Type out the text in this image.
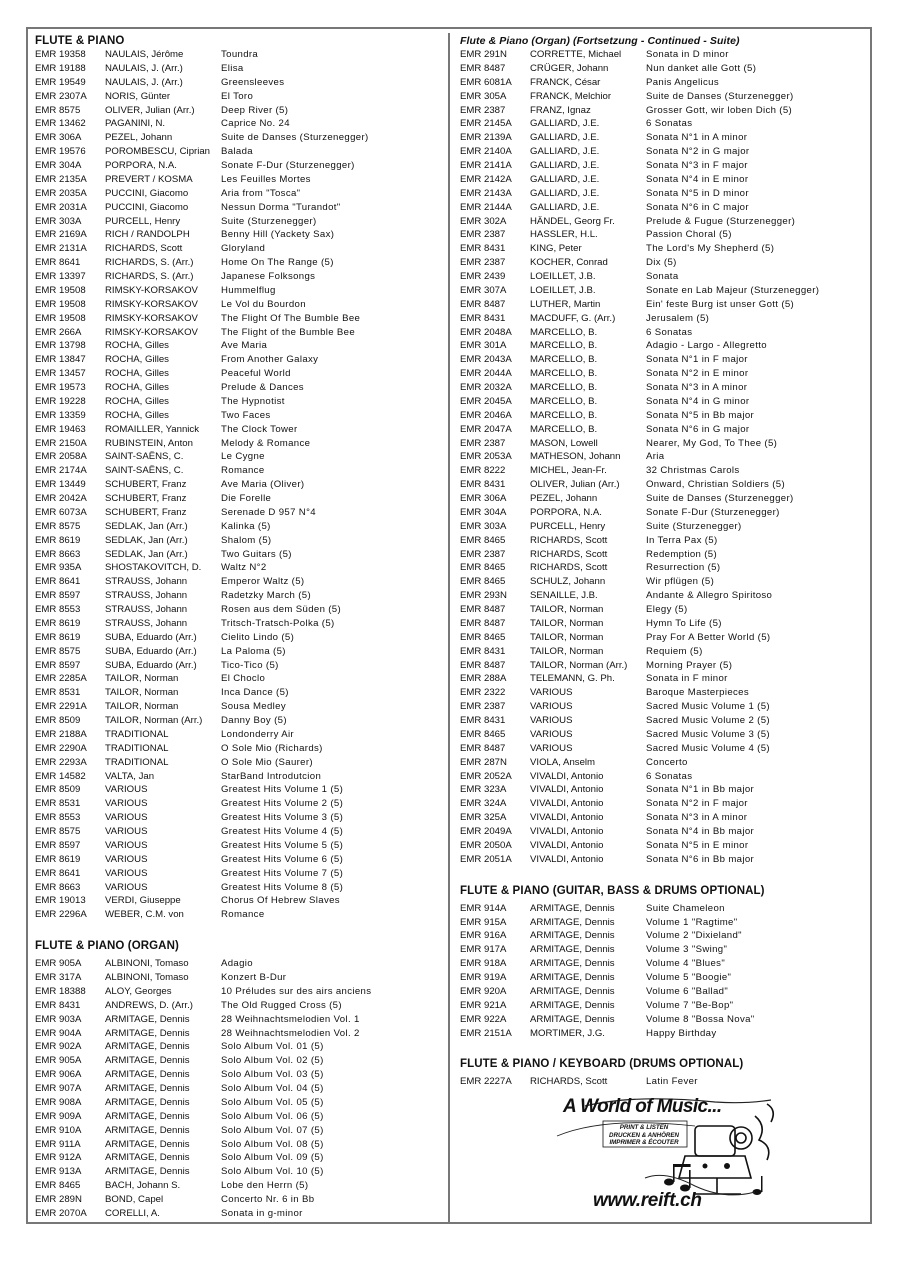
FLUTE & PIANO
EMR 19358	NAULAIS, Jérôme	Toundra
EMR 19188	NAULAIS, J. (Arr.)	Elisa
EMR 19549	NAULAIS, J. (Arr.)	Greensleeves
EMR 2307A	NORIS, Günter	El Toro
EMR 8575	OLIVER, Julian (Arr.)	Deep River (5)
EMR 13462	PAGANINI, N.	Caprice No. 24
EMR 306A	PEZEL, Johann	Suite de Danses (Sturzenegger)
EMR 19576	POROMBESCU, Ciprian	Balada
EMR 304A	PORPORA, N.A.	Sonate F-Dur (Sturzenegger)
EMR 2135A	PREVERT / KOSMA	Les Feuilles Mortes
EMR 2035A	PUCCINI, Giacomo	Aria from "Tosca"
EMR 2031A	PUCCINI, Giacomo	Nessun Dorma "Turandot"
EMR 303A	PURCELL, Henry	Suite (Sturzenegger)
EMR 2169A	RICH / RANDOLPH	Benny Hill (Yackety Sax)
EMR 2131A	RICHARDS, Scott	Gloryland
EMR 8641	RICHARDS, S. (Arr.)	Home On The Range (5)
EMR 13397	RICHARDS, S. (Arr.)	Japanese Folksongs
EMR 19508	RIMSKY-KORSAKOV	Hummelflug
EMR 19508	RIMSKY-KORSAKOV	Le Vol du Bourdon
EMR 19508	RIMSKY-KORSAKOV	The Flight Of The Bumble Bee
EMR 266A	RIMSKY-KORSAKOV	The Flight of the Bumble Bee
EMR 13798	ROCHA, Gilles	Ave Maria
EMR 13847	ROCHA, Gilles	From Another Galaxy
EMR 13457	ROCHA, Gilles	Peaceful World
EMR 19573	ROCHA, Gilles	Prelude & Dances
EMR 19228	ROCHA, Gilles	The Hypnotist
EMR 13359	ROCHA, Gilles	Two Faces
EMR 19463	ROMAILLER, Yannick	The Clock Tower
EMR 2150A	RUBINSTEIN, Anton	Melody & Romance
EMR 2058A	SAINT-SAËNS, C.	Le Cygne
EMR 2174A	SAINT-SAËNS, C.	Romance
EMR 13449	SCHUBERT, Franz	Ave Maria (Oliver)
EMR 2042A	SCHUBERT, Franz	Die Forelle
EMR 6073A	SCHUBERT, Franz	Serenade D 957 N°4
EMR 8575	SEDLAK, Jan (Arr.)	Kalinka (5)
EMR 8619	SEDLAK, Jan (Arr.)	Shalom (5)
EMR 8663	SEDLAK, Jan (Arr.)	Two Guitars (5)
EMR 935A	SHOSTAKOVITCH, D.	Waltz N°2
EMR 8641	STRAUSS, Johann	Emperor Waltz (5)
EMR 8597	STRAUSS, Johann	Radetzky March (5)
EMR 8553	STRAUSS, Johann	Rosen aus dem Süden (5)
EMR 8619	STRAUSS, Johann	Tritsch-Tratsch-Polka (5)
EMR 8619	SUBA, Eduardo (Arr.)	Cielito Lindo (5)
EMR 8575	SUBA, Eduardo (Arr.)	La Paloma (5)
EMR 8597	SUBA, Eduardo (Arr.)	Tico-Tico (5)
EMR 2285A	TAILOR, Norman	El Choclo
EMR 8531	TAILOR, Norman	Inca Dance (5)
EMR 2291A	TAILOR, Norman	Sousa Medley
EMR 8509	TAILOR, Norman (Arr.)	Danny Boy (5)
EMR 2188A	TRADITIONAL	Londonderry Air
EMR 2290A	TRADITIONAL	O Sole Mio (Richards)
EMR 2293A	TRADITIONAL	O Sole Mio (Saurer)
EMR 14582	VALTA, Jan	StarBand Introdutcion
EMR 8509	VARIOUS	Greatest Hits Volume 1 (5)
EMR 8531	VARIOUS	Greatest Hits Volume 2 (5)
EMR 8553	VARIOUS	Greatest Hits Volume 3 (5)
EMR 8575	VARIOUS	Greatest Hits Volume 4 (5)
EMR 8597	VARIOUS	Greatest Hits Volume 5 (5)
EMR 8619	VARIOUS	Greatest Hits Volume 6 (5)
EMR 8641	VARIOUS	Greatest Hits Volume 7 (5)
EMR 8663	VARIOUS	Greatest Hits Volume 8 (5)
EMR 19013	VERDI, Giuseppe	Chorus Of Hebrew Slaves
EMR 2296A	WEBER, C.M. von	Romance
FLUTE & PIANO (ORGAN)
EMR 905A	ALBINONI, Tomaso	Adagio
EMR 317A	ALBINONI, Tomaso	Konzert B-Dur
EMR 18388	ALOY, Georges	10 Préludes sur des airs anciens
EMR 8431	ANDREWS, D. (Arr.)	The Old Rugged Cross (5)
EMR 903A	ARMITAGE, Dennis	28 Weihnachtsmelodien Vol. 1
EMR 904A	ARMITAGE, Dennis	28 Weihnachtsmelodien Vol. 2
EMR 902A	ARMITAGE, Dennis	Solo Album Vol. 01 (5)
EMR 905A	ARMITAGE, Dennis	Solo Album Vol. 02 (5)
EMR 906A	ARMITAGE, Dennis	Solo Album Vol. 03 (5)
EMR 907A	ARMITAGE, Dennis	Solo Album Vol. 04 (5)
EMR 908A	ARMITAGE, Dennis	Solo Album Vol. 05 (5)
EMR 909A	ARMITAGE, Dennis	Solo Album Vol. 06 (5)
EMR 910A	ARMITAGE, Dennis	Solo Album Vol. 07 (5)
EMR 911A	ARMITAGE, Dennis	Solo Album Vol. 08 (5)
EMR 912A	ARMITAGE, Dennis	Solo Album Vol. 09 (5)
EMR 913A	ARMITAGE, Dennis	Solo Album Vol. 10 (5)
EMR 8465	BACH, Johann S.	Lobe den Herrn (5)
EMR 289N	BOND, Capel	Concerto Nr. 6 in Bb
EMR 2070A	CORELLI, A.	Sonata in g-minor
Flute & Piano (Organ) (Fortsetzung - Continued - Suite)
EMR 291N	CORRETTE, Michael	Sonata in D minor
EMR 8487	CRÜGER, Johann	Nun danket alle Gott (5)
EMR 6081A	FRANCK, César	Panis Angelicus
EMR 305A	FRANCK, Melchior	Suite de Danses (Sturzenegger)
EMR 2387	FRANZ, Ignaz	Grosser Gott, wir loben Dich (5)
EMR 2145A	GALLIARD, J.E.	6 Sonatas
EMR 2139A	GALLIARD, J.E.	Sonata N°1 in A minor
EMR 2140A	GALLIARD, J.E.	Sonata N°2 in G major
EMR 2141A	GALLIARD, J.E.	Sonata N°3 in F major
EMR 2142A	GALLIARD, J.E.	Sonata N°4 in E minor
EMR 2143A	GALLIARD, J.E.	Sonata N°5 in D minor
EMR 2144A	GALLIARD, J.E.	Sonata N°6 in C major
EMR 302A	HÄNDEL, Georg Fr.	Prelude & Fugue (Sturzenegger)
EMR 2387	HASSLER, H.L.	Passion Choral (5)
EMR 8431	KING, Peter	The Lord's My Shepherd (5)
EMR 2387	KOCHER, Conrad	Dix (5)
EMR 2439	LOEILLET, J.B.	Sonata
EMR 307A	LOEILLET, J.B.	Sonate en Lab Majeur (Sturzenegger)
EMR 8487	LUTHER, Martin	Ein' feste Burg ist unser Gott (5)
EMR 8431	MACDUFF, G. (Arr.)	Jerusalem (5)
EMR 2048A	MARCELLO, B.	6 Sonatas
EMR 301A	MARCELLO, B.	Adagio - Largo - Allegretto
EMR 2043A	MARCELLO, B.	Sonata N°1 in F major
EMR 2044A	MARCELLO, B.	Sonata N°2 in E minor
EMR 2032A	MARCELLO, B.	Sonata N°3 in A minor
EMR 2045A	MARCELLO, B.	Sonata N°4 in G minor
EMR 2046A	MARCELLO, B.	Sonata N°5 in Bb major
EMR 2047A	MARCELLO, B.	Sonata N°6 in G major
EMR 2387	MASON, Lowell	Nearer, My God, To Thee (5)
EMR 2053A	MATHESON, Johann	Aria
EMR 8222	MICHEL, Jean-Fr.	32 Christmas Carols
EMR 8431	OLIVER, Julian (Arr.)	Onward, Christian Soldiers (5)
EMR 306A	PEZEL, Johann	Suite de Danses (Sturzenegger)
EMR 304A	PORPORA, N.A.	Sonate F-Dur (Sturzenegger)
EMR 303A	PURCELL, Henry	Suite (Sturzenegger)
EMR 8465	RICHARDS, Scott	In Terra Pax (5)
EMR 2387	RICHARDS, Scott	Redemption (5)
EMR 8465	RICHARDS, Scott	Resurrection (5)
EMR 8465	SCHULZ, Johann	Wir pflügen (5)
EMR 293N	SENAILLE, J.B.	Andante & Allegro Spiritoso
EMR 8487	TAILOR, Norman	Elegy (5)
EMR 8487	TAILOR, Norman	Hymn To Life (5)
EMR 8465	TAILOR, Norman	Pray For A Better World (5)
EMR 8431	TAILOR, Norman	Requiem (5)
EMR 8487	TAILOR, Norman (Arr.)	Morning Prayer (5)
EMR 288A	TELEMANN, G. Ph.	Sonata in F minor
EMR 2322	VARIOUS	Baroque Masterpieces
EMR 2387	VARIOUS	Sacred Music Volume 1 (5)
EMR 8431	VARIOUS	Sacred Music Volume 2 (5)
EMR 8465	VARIOUS	Sacred Music Volume 3 (5)
EMR 8487	VARIOUS	Sacred Music Volume 4 (5)
EMR 287N	VIOLA, Anselm	Concerto
EMR 2052A	VIVALDI, Antonio	6 Sonatas
EMR 323A	VIVALDI, Antonio	Sonata N°1 in Bb major
EMR 324A	VIVALDI, Antonio	Sonata N°2 in F major
EMR 325A	VIVALDI, Antonio	Sonata N°3 in A minor
EMR 2049A	VIVALDI, Antonio	Sonata N°4 in Bb major
EMR 2050A	VIVALDI, Antonio	Sonata N°5 in E minor
EMR 2051A	VIVALDI, Antonio	Sonata N°6 in Bb major
FLUTE & PIANO (GUITAR, BASS & DRUMS OPTIONAL)
EMR 914A	ARMITAGE, Dennis	Suite Chameleon
EMR 915A	ARMITAGE, Dennis	Volume 1 "Ragtime"
EMR 916A	ARMITAGE, Dennis	Volume 2 "Dixieland"
EMR 917A	ARMITAGE, Dennis	Volume 3 "Swing"
EMR 918A	ARMITAGE, Dennis	Volume 4 "Blues"
EMR 919A	ARMITAGE, Dennis	Volume 5 "Boogie"
EMR 920A	ARMITAGE, Dennis	Volume 6 "Ballad"
EMR 921A	ARMITAGE, Dennis	Volume 7 "Be-Bop"
EMR 922A	ARMITAGE, Dennis	Volume 8 "Bossa Nova"
EMR 2151A	MORTIMER, J.G.	Happy Birthday
FLUTE & PIANO / KEYBOARD (DRUMS OPTIONAL)
EMR 2227A	RICHARDS, Scott	Latin Fever
A World of Music...
PRINT & LISTEN
DRUCKEN & ANHÖREN
IMPRIMER & ÉCOUTER
www.reift.ch
